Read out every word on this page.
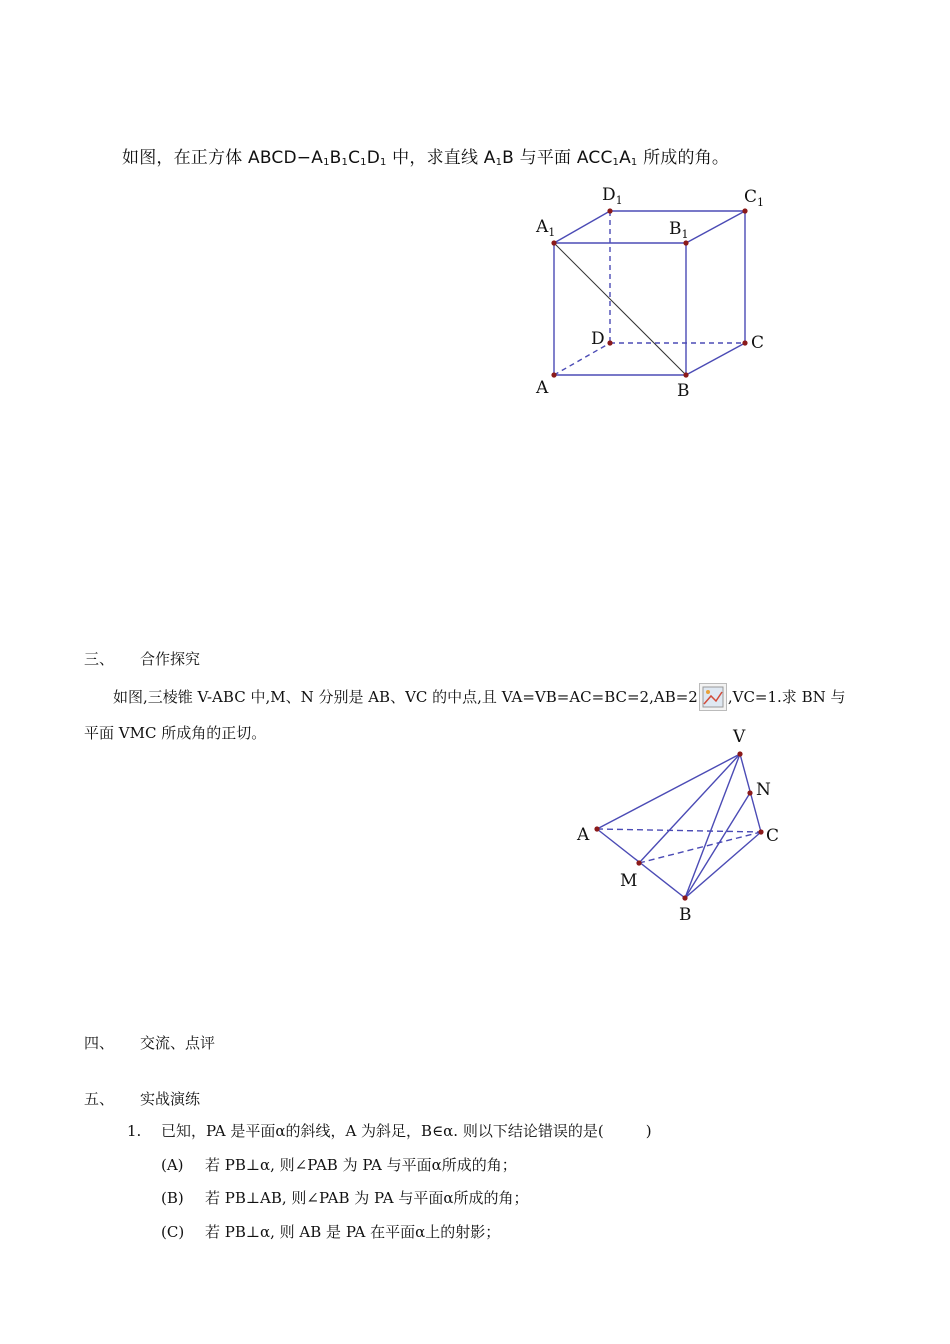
如图，在正方体 $ABCD-A_1B_1C_1D_1$ 中，求直线 $A_1B$ 与平面 $ACC_1A_1$ 所成的角。
$A_1$	$B_1$
$D_1$	$C_1$
D	C
A	B
三、 合作探究
如图,三棱锥 V-ABC 中,M、N 分别是 AB、VC 的中点,且 VA=VB=AC=BC=2,AB=2 ,VC=1.求 BN 与
平面 VMC 所成角的正切。	V
N
A	C
M
B
四、 交流、点评
五、 实战演练
1. 已知，PA 是平面α的斜线，A 为斜足，B∈α. 则以下结论错误的是(	)
(A) 若 PB⊥α, 则∠PAB 为 PA 与平面α所成的角；
(B) 若 PB⊥AB, 则∠PAB 为 PA 与平面α所成的角；
(C) 若 PB⊥α, 则 AB 是 PA 在平面α上的射影；
